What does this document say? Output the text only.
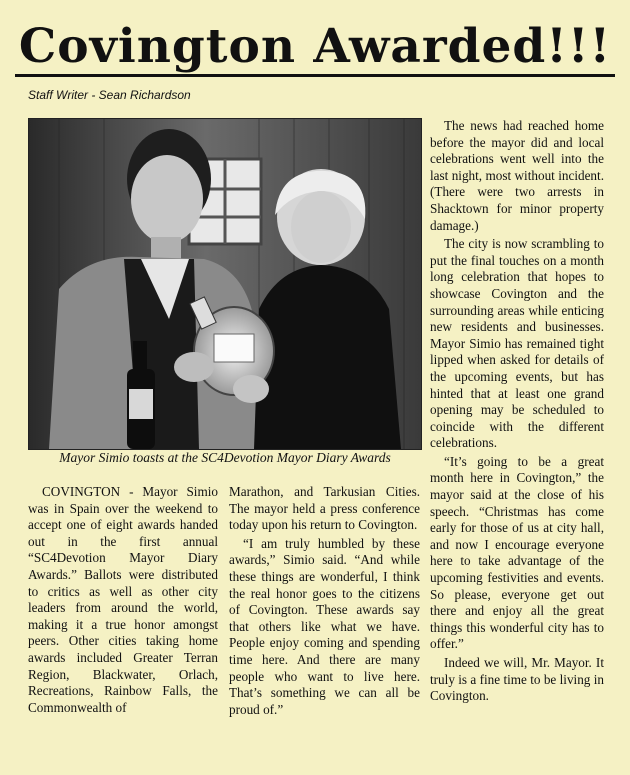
Covington Awarded!!!
Staff Writer - Sean Richardson
Mayor Simio toasts at the SC4Devotion Mayor Diary Awards

COVINGTON - Mayor Simio was in Spain over the weekend to accept one of eight awards handed out in the first annual “SC4Devotion Mayor Diary Awards.” Ballots were distributed to critics as well as other city leaders from around the world, making it a true honor amongst peers. Other cities taking home awards included Greater Terran Region, Blackwater, Orlach, Recreations, Rainbow Falls, the Commonwealth of

Marathon, and Tarkusian Cities. The mayor held a press conference today upon his return to Covington.

“I am truly humbled by these awards,” Simio said. “And while these things are wonderful, I think the real honor goes to the citizens of Covington. These awards say that others like what we have. People enjoy coming and spending time here. And there are many people who want to live here. That’s something we can all be proud of.”

The news had reached home before the mayor did and local celebrations went well into the last night, most without incident. (There were two arrests in Shacktown for minor property damage.)

The city is now scrambling to put the final touches on a month long celebration that hopes to showcase Covington and the surrounding areas while enticing new residents and businesses. Mayor Simio has remained tight lipped when asked for details of the upcoming events, but has hinted that at least one grand opening may be scheduled to coincide with the different celebrations.

“It’s going to be a great month here in Covington,” the mayor said at the close of his speech. “Christmas has come early for those of us at city hall, and now I encourage everyone here to take advantage of the upcoming festivities and events. So please, everyone get out there and enjoy all the great things this wonderful city has to offer.”

Indeed we will, Mr. Mayor. It truly is a fine time to be living in Covington.
